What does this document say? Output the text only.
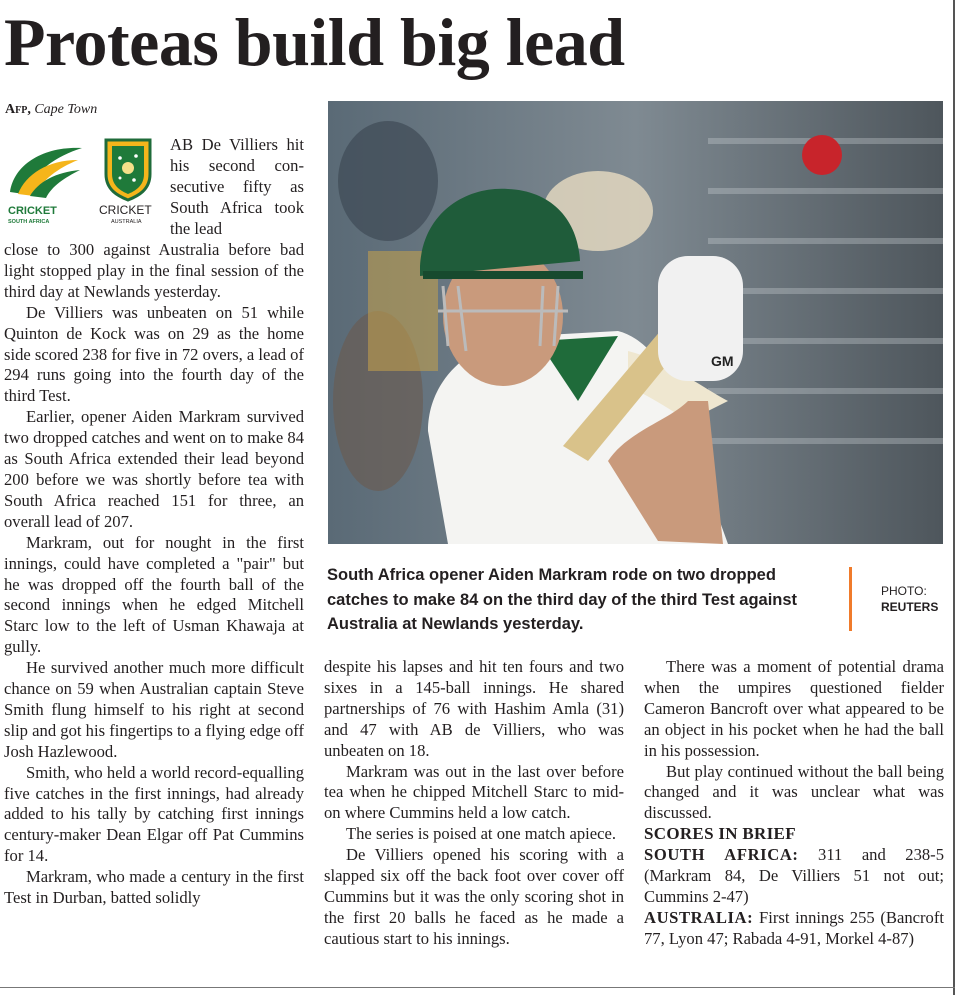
Proteas build big lead
Afp, Cape Town
CRICKET
SOUTH AFRICA
CRICKET
AUSTRALIA

AB De Villiers hit his second consecutive fifty as South Africa took the lead

close to 300 against Australia before bad light stopped play in the final session of the third day at Newlands yesterday.

De Villiers was unbeaten on 51 while Quinton de Kock was on 29 as the home side scored 238 for five in 72 overs, a lead of 294 runs going into the fourth day of the third Test.

Earlier, opener Aiden Markram survived two dropped catches and went on to make 84 as South Africa extended their lead beyond 200 before we was shortly before tea with South Africa reached 151 for three, an overall lead of 207.

Markram, out for nought in the first innings, could have completed a "pair" but he was dropped off the fourth ball of the second innings when he edged Mitchell Starc low to the left of Usman Khawaja at gully.

He survived another much more difficult chance on 59 when Australian captain Steve Smith flung himself to his right at second slip and got his fingertips to a flying edge off Josh Hazlewood.

Smith, who held a world record-equalling five catches in the first innings, had already added to his tally by catching first innings century-maker Dean Elgar off Pat Cummins for 14.

Markram, who made a century in the first Test in Durban, batted solidly

GM
South Africa opener Aiden Markram rode on two dropped catches to make 84 on the third day of the third Test against Australia at Newlands yesterday.
PHOTO:
REUTERS

despite his lapses and hit ten fours and two sixes in a 145-ball innings. He shared partnerships of 76 with Hashim Amla (31) and 47 with AB de Villiers, who was unbeaten on 18.

Markram was out in the last over before tea when he chipped Mitchell Starc to mid-on where Cummins held a low catch.

The series is poised at one match apiece.

De Villiers opened his scoring with a slapped six off the back foot over cover off Cummins but it was the only scoring shot in the first 20 balls he faced as he made a cautious start to his innings.

There was a moment of potential drama when the umpires questioned fielder Cameron Bancroft over what appeared to be an object in his pocket when he had the ball in his possession.

But play continued without the ball being changed and it was unclear what was discussed.

SCORES IN BRIEF

SOUTH AFRICA: 311 and 238-5 (Markram 84, De Villiers 51 not out; Cummins 2-47)

AUSTRALIA: First innings 255 (Bancroft 77, Lyon 47; Rabada 4-91, Morkel 4-87)
